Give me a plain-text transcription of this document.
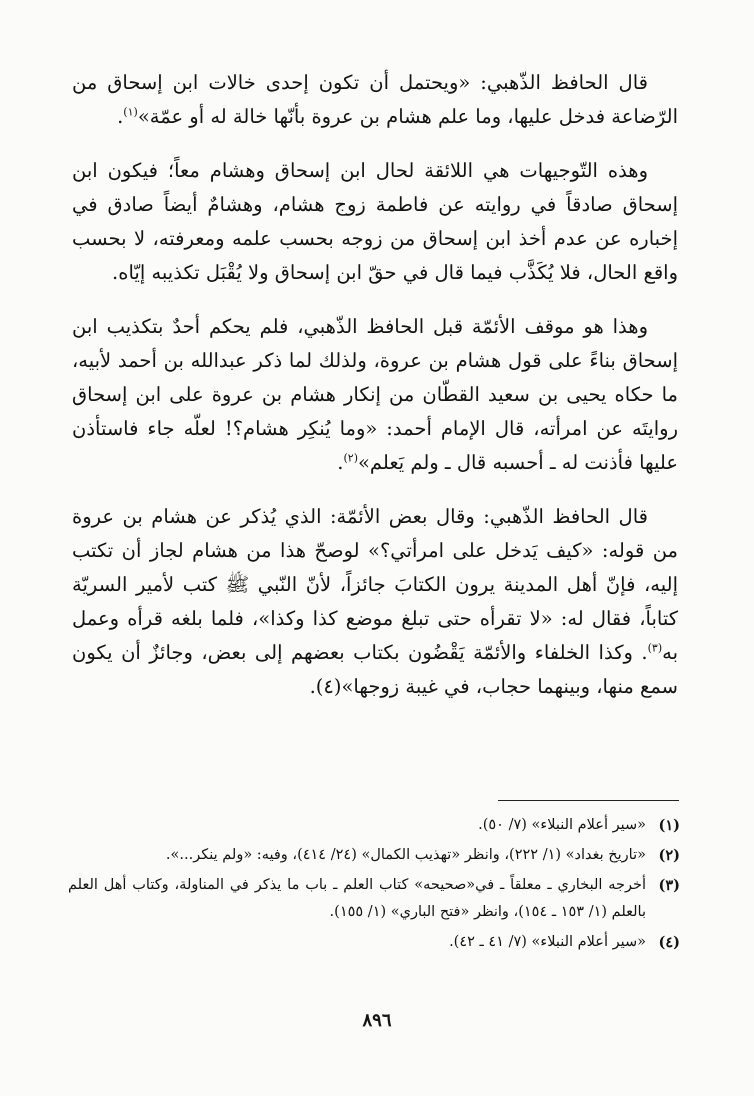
قال الحافظ الذّهبي: «ويحتمل أن تكون إحدى خالات ابن إسحاق من الرّضاعة فدخل عليها، وما علم هشام بن عروة بأنّها خالة له أو عمّة»$^{(١)}$.

وهذه التّوجيهات هي اللائقة لحال ابن إسحاق وهشام معاً؛ فيكون ابن إسحاق صادقاً في روايته عن فاطمة زوج هشام، وهشامٌ أيضاً صادق في إخباره عن عدم أخذ ابن إسحاق من زوجه بحسب علمه ومعرفته، لا بحسب واقع الحال، فلا يُكَذَّب فيما قال في حقّ ابن إسحاق ولا يُقْبَل تكذيبه إيّاه.

وهذا هو موقف الأئمّة قبل الحافظ الذّهبي، فلم يحكم أحدٌ بتكذيب ابن إسحاق بناءً على قول هشام بن عروة، ولذلك لما ذكر عبدالله بن أحمد لأبيه، ما حكاه يحيى بن سعيد القطّان من إنكار هشام بن عروة على ابن إسحاق روايتَه عن امرأته، قال الإمام أحمد: «وما يُنكِر هشام؟! لعلّه جاء فاستأذن عليها فأذنت له ـ أحسبه قال ـ ولم يَعلم»$^{(٢)}$.

قال الحافظ الذّهبي: وقال بعض الأئمّة: الذي يُذكر عن هشام بن عروة من قوله: «كيف يَدخل على امرأتي؟» لوصحّ هذا من هشام لجاز أن تكتب إليه، فإنّ أهل المدينة يرون الكتابَ جائزاً، لأنّ النّبي ﷺ كتب لأمير السريّة كتاباً، فقال له: «لا تقرأه حتى تبلغ موضع كذا وكذا»، فلما بلغه قرأه وعمل به$^{(٣)}$. وكذا الخلفاء والأئمّة يَقْضُون بكتاب بعضهم إلى بعض، وجائزٌ أن يكون سمع منها، وبينهما حجاب، في غيبة زوجها»(٤).

(١)
«سير أعلام النبلاء» (٧/ ٥٠).
(٢)
«تاريخ بغداد» (١/ ٢٢٢)، وانظر «تهذيب الكمال» (٢٤/ ٤١٤)، وفيه: «ولم ينكر...».
(٣)
أخرجه البخاري ـ معلقاً ـ في«صحيحه» كتاب العلم ـ باب ما يذكر في المناولة، وكتاب أهل العلم بالعلم (١/ ١٥٣ ـ ١٥٤)، وانظر «فتح الباري» (١/ ١٥٥).
(٤)
«سير أعلام النبلاء» (٧/ ٤١ ـ ٤٢).
٨٩٦
